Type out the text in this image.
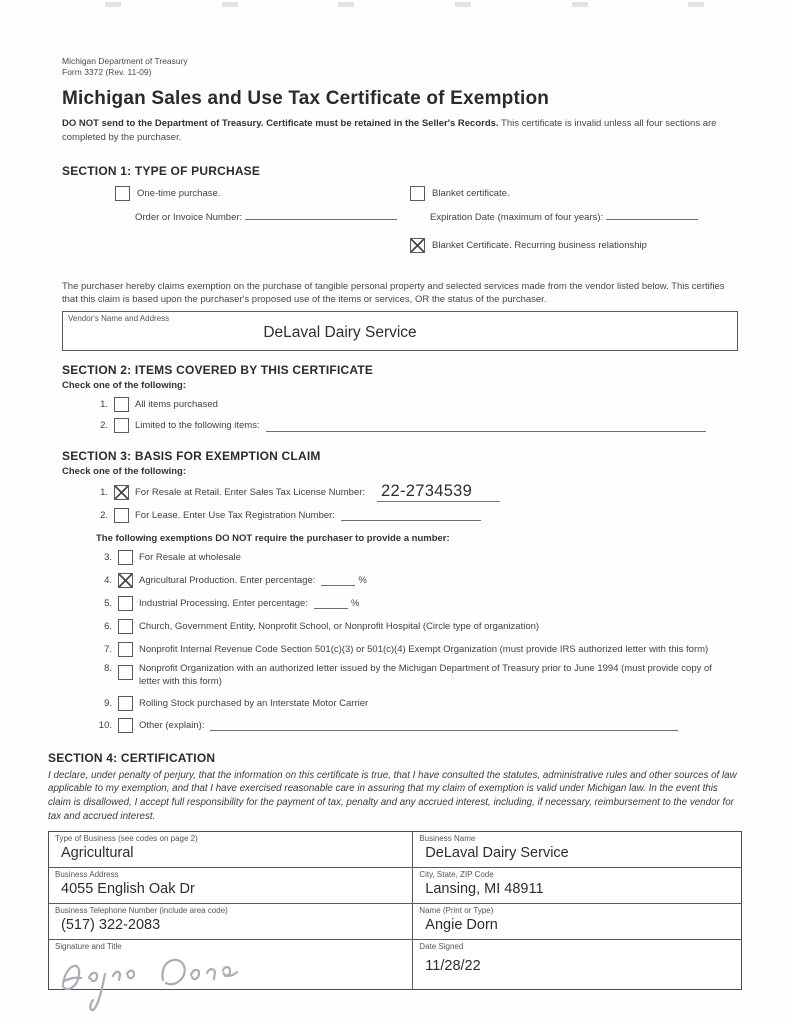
Michigan Department of Treasury
Form 3372 (Rev. 11-09)
Michigan Sales and Use Tax Certificate of Exemption
DO NOT send to the Department of Treasury. Certificate must be retained in the Seller's Records. This certificate is invalid unless all four sections are completed by the purchaser.
SECTION 1: TYPE OF PURCHASE
One-time purchase.
Order or Invoice Number:
Blanket certificate.
Expiration Date (maximum of four years):
Blanket Certificate. Recurring business relationship
The purchaser hereby claims exemption on the purchase of tangible personal property and selected services made from the vendor listed below. This certifies that this claim is based upon the purchaser's proposed use of the items or services, OR the status of the purchaser.
Vendor's Name and Address
DeLaval Dairy Service
SECTION 2: ITEMS COVERED BY THIS CERTIFICATE
Check one of the following:
1.	All items purchased
2.	Limited to the following items:
SECTION 3: BASIS FOR EXEMPTION CLAIM
Check one of the following:
1.	For Resale at Retail. Enter Sales Tax License Number: 22-2734539
2.	For Lease. Enter Use Tax Registration Number:
The following exemptions DO NOT require the purchaser to provide a number:
3.	For Resale at wholesale
4.	Agricultural Production. Enter percentage:	%
5.	Industrial Processing. Enter percentage:	%
6.	Church, Government Entity, Nonprofit School, or Nonprofit Hospital (Circle type of organization)
7.	Nonprofit Internal Revenue Code Section 501(c)(3) or 501(c)(4) Exempt Organization (must provide IRS authorized letter with this form)
8.	Nonprofit Organization with an authorized letter issued by the Michigan Department of Treasury prior to June 1994 (must provide copy of letter with this form)
9.	Rolling Stock purchased by an Interstate Motor Carrier
10.	Other (explain):
SECTION 4: CERTIFICATION
I declare, under penalty of perjury, that the information on this certificate is true, that I have consulted the statutes, administrative rules and other sources of law applicable to my exemption, and that I have exercised reasonable care in assuring that my claim of exemption is valid under Michigan law. In the event this claim is disallowed, I accept full responsibility for the payment of tax, penalty and any accrued interest, including, if necessary, reimbursement to the vendor for tax and accrued interest.
Type of Business (see codes on page 2)
Agricultural
Business Name
DeLaval Dairy Service
Business Address
4055 English Oak Dr
City, State, ZIP Code
Lansing, MI 48911
Business Telephone Number (include area code)
(517) 322-2083
Name (Print or Type)
Angie Dorn
Signature and Title	Date Signed
11/28/22
